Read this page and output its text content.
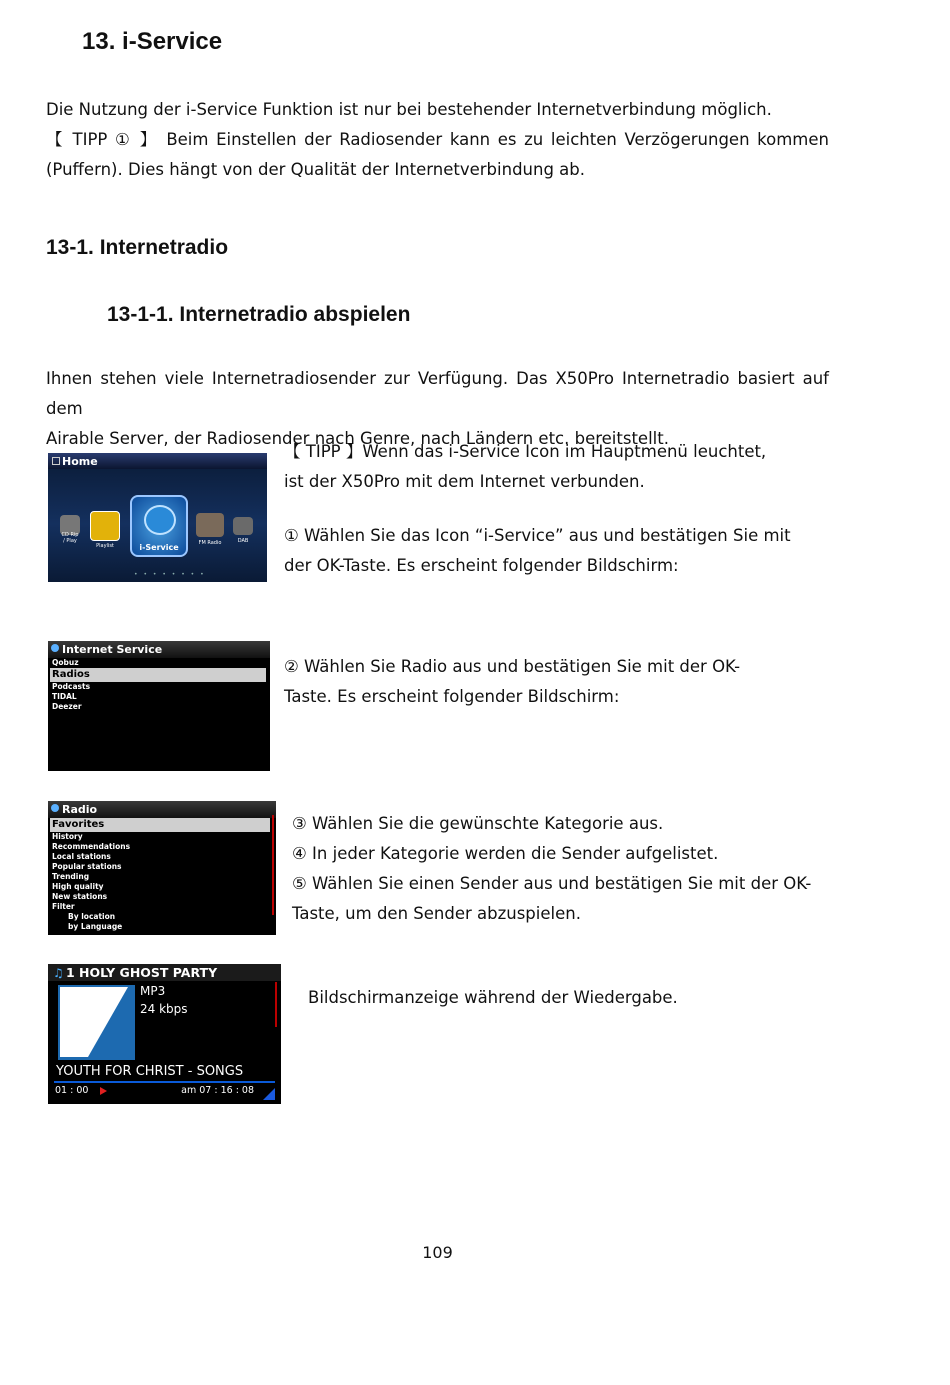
13. i-Service
Die Nutzung der i-Service Funktion ist nur bei bestehender Internetverbindung möglich.
【 TIPP ① 】 Beim Einstellen der Radiosender kann es zu leichten Verzögerungen kommen
(Puffern). Dies hängt von der Qualität der Internetverbindung ab.
13-1. Internetradio
13-1-1. Internetradio abspielen
Ihnen stehen viele Internetradiosender zur Verfügung. Das X50Pro Internetradio basiert auf dem
Airable Server, der Radiosender nach Genre, nach Ländern etc. bereitstellt.
Home
CD Rip / Play
Playlist	i-Service	FM Radio	DAB
• • • • • • • •
【 TIPP 】Wenn das i-Service Icon im Hauptmenü leuchtet,
ist der X50Pro mit dem Internet verbunden.
① Wählen Sie das Icon “i-Service” aus und bestätigen Sie mit
der OK-Taste. Es erscheint folgender Bildschirm:
Internet Service
Qobuz
Radios
Podcasts
TIDAL
Deezer
② Wählen Sie Radio aus und bestätigen Sie mit der OK-
Taste. Es erscheint folgender Bildschirm:
Radio
Favorites
History
Recommendations
Local stations
Popular stations
Trending
High quality
New stations
Filter
By location
by Language
③ Wählen Sie die gewünschte Kategorie aus.
④ In jeder Kategorie werden die Sender aufgelistet.
⑤ Wählen Sie einen Sender aus und bestätigen Sie mit der OK-
Taste, um den Sender abzuspielen.
1 HOLY GHOST PARTY
♫
MP3
24 kbps
YOUTH FOR CHRIST - SONGS
01 : 00	am 07 : 16 : 08
Bildschirmanzeige während der Wiedergabe.
109
